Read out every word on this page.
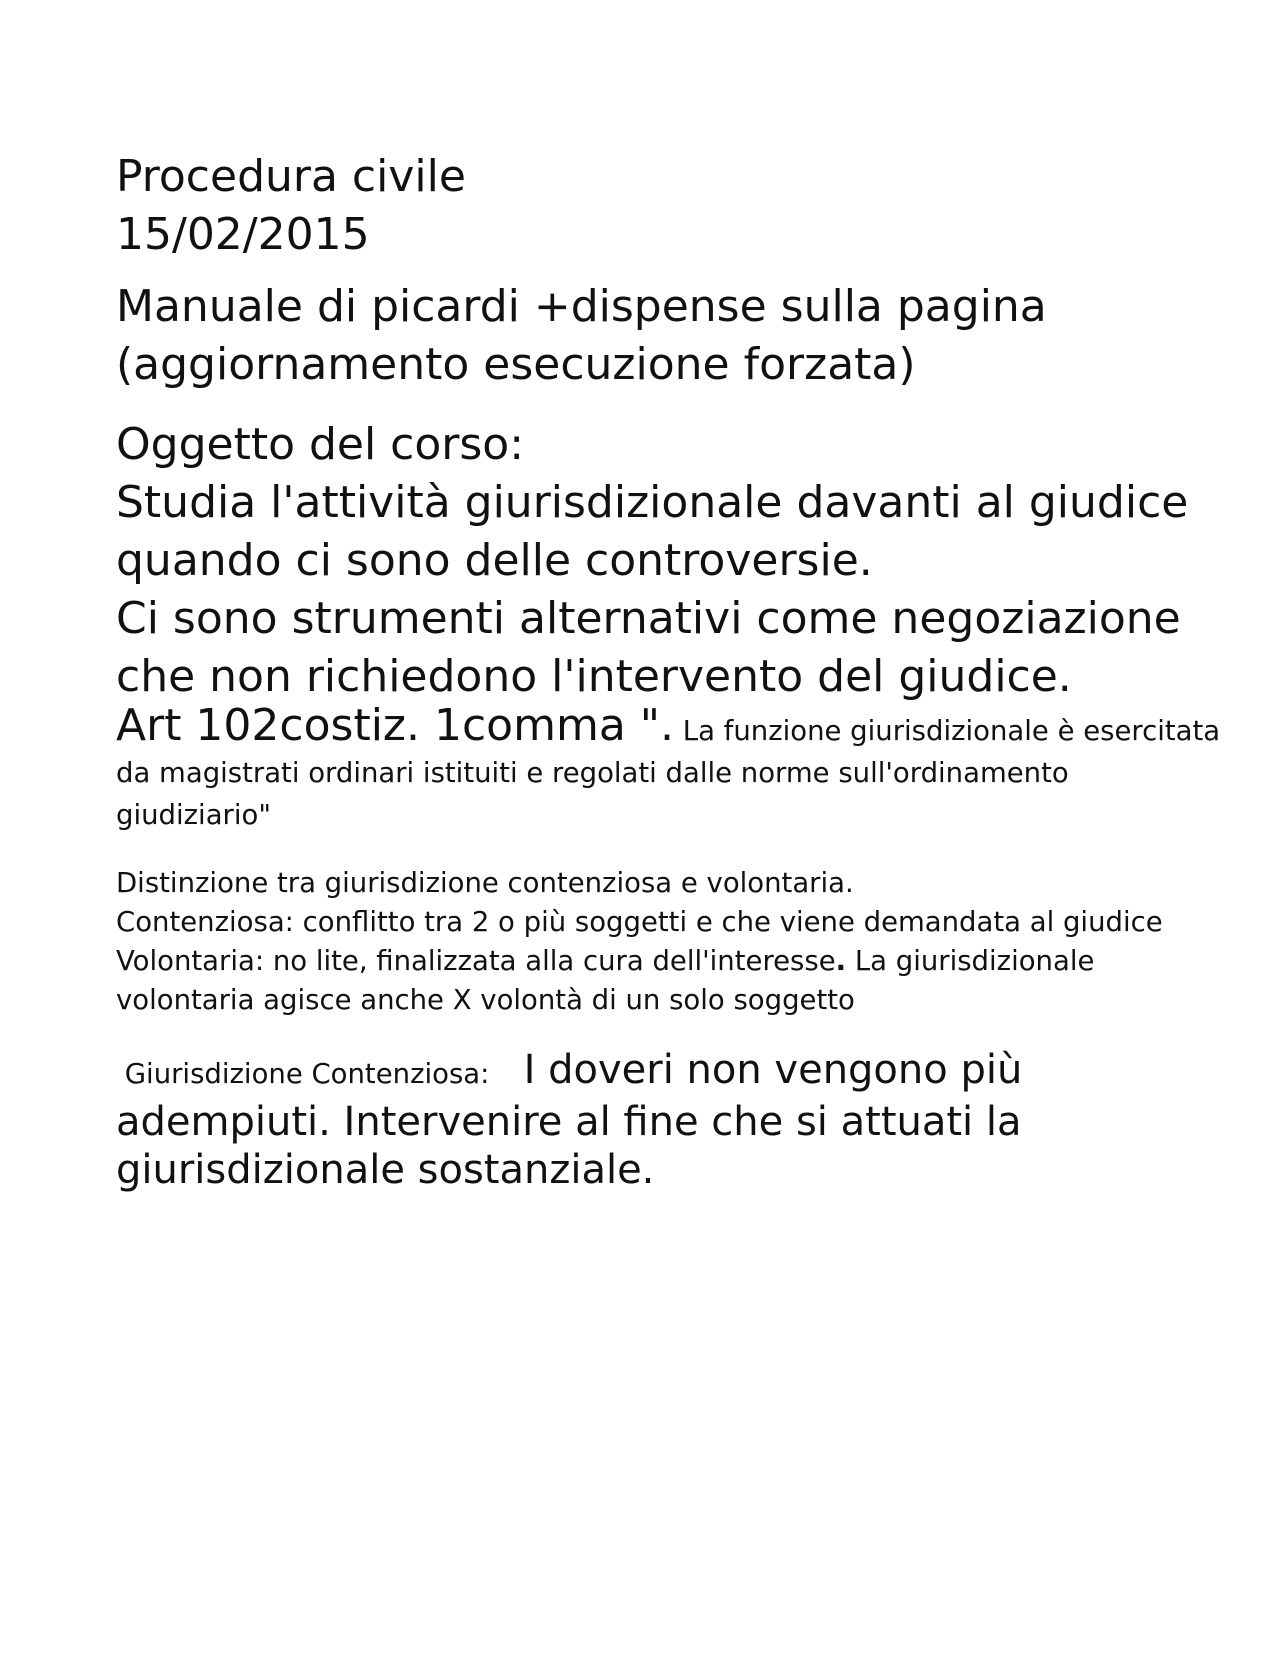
Procedura civile
15/02/2015
Manuale di picardi +dispense sulla pagina (aggiornamento esecuzione forzata)
Oggetto del corso:
Studia l'attività giurisdizionale davanti al giudice quando ci sono delle controversie.
Ci sono strumenti alternativi come negoziazione che non richiedono l'intervento del giudice.
Art 102costiz. 1comma ". La funzione giurisdizionale è esercitata da magistrati ordinari istituiti e regolati dalle norme sull'ordinamento giudiziario"
Distinzione tra giurisdizione contenziosa e volontaria.
Contenziosa: conflitto tra 2 o più soggetti e che viene demandata al giudice
Volontaria: no lite, finalizzata alla cura dell'interesse. La giurisdizionale volontaria agisce anche X volontà di un solo soggetto
Giurisdizione Contenziosa:   I doveri non vengono più adempiuti. Intervenire al fine che si attuati la giurisdizionale sostanziale.
